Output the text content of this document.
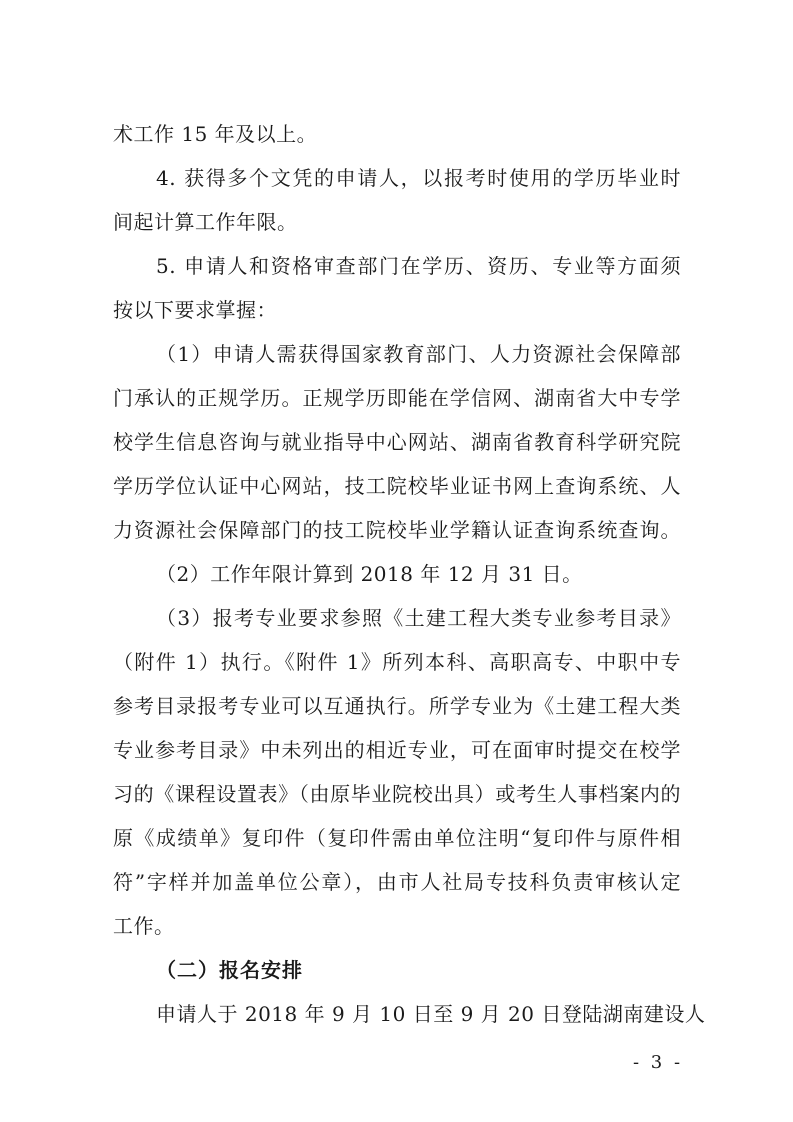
术工作 15 年及以上。
4. 获得多个文凭的申请人，以报考时使用的学历毕业时
间起计算工作年限。
5. 申请人和资格审查部门在学历、资历、专业等方面须
按以下要求掌握：
（1）申请人需获得国家教育部门、人力资源社会保障部
门承认的正规学历。正规学历即能在学信网、湖南省大中专学
校学生信息咨询与就业指导中心网站、湖南省教育科学研究院
学历学位认证中心网站，技工院校毕业证书网上查询系统、人
力资源社会保障部门的技工院校毕业学籍认证查询系统查询。
（2）工作年限计算到 2018 年 12 月 31 日。
（3）报考专业要求参照《土建工程大类专业参考目录》
（附件 1）执行。《附件 1》所列本科、高职高专、中职中专
参考目录报考专业可以互通执行。所学专业为《土建工程大类
专业参考目录》中未列出的相近专业，可在面审时提交在校学
习的《课程设置表》（由原毕业院校出具）或考生人事档案内的
原《成绩单》复印件（复印件需由单位注明“复印件与原件相
符”字样并加盖单位公章），由市人社局专技科负责审核认定
工作。
（二）报名安排
申请人于 2018 年 9 月 10 日至 9 月 20 日登陆湖南建设人
- 3 -
